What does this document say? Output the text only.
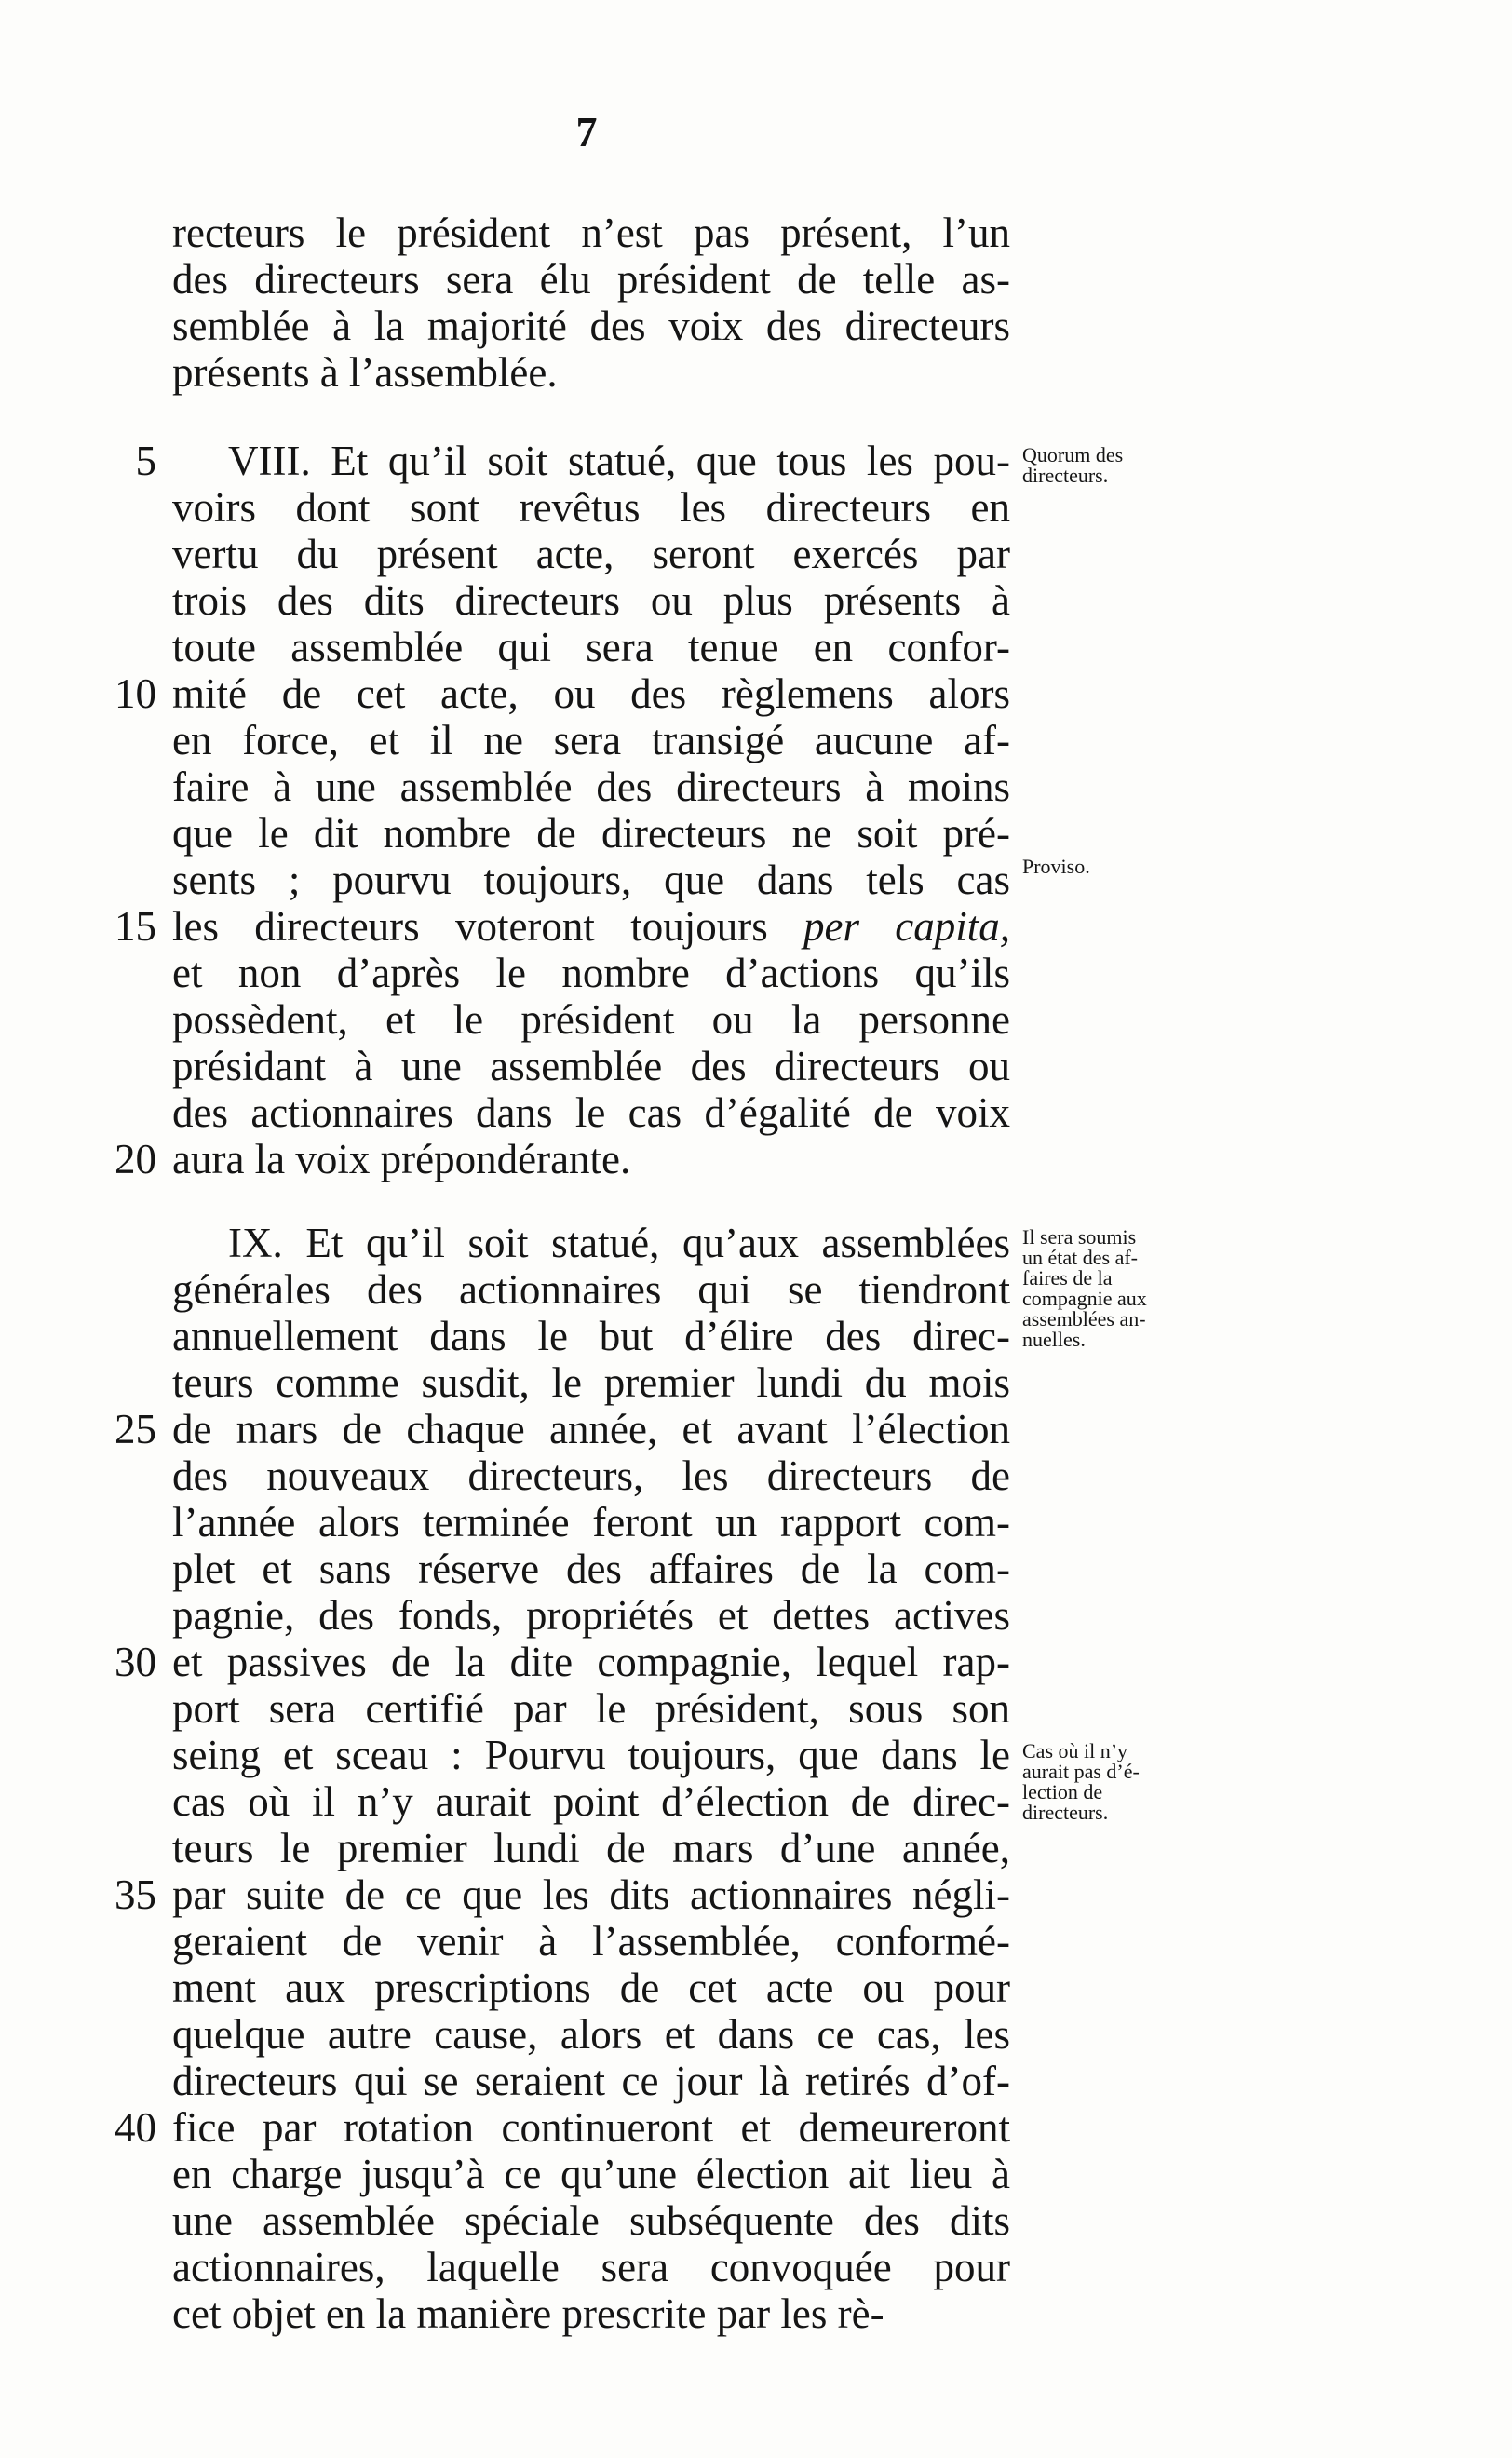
7
recteurs le président n’est pas présent, l’un
des directeurs sera élu président de telle as-
semblée à la majorité des voix des directeurs
présents à l’assemblée.
VIII. Et qu’il soit statué, que tous les pou-
5
voirs dont sont revêtus les directeurs en
vertu du présent acte, seront exercés par
trois des dits directeurs ou plus présents à
toute assemblée qui sera tenue en confor-
mité de cet acte, ou des règlemens alors
10
en force, et il ne sera transigé aucune af-
faire à une assemblée des directeurs à moins
que le dit nombre de directeurs ne soit pré-
sents ; pourvu toujours, que dans tels cas
les directeurs voteront toujours per capita,
15
et non d’après le nombre d’actions qu’ils
possèdent, et le président ou la personne
présidant à une assemblée des directeurs ou
des actionnaires dans le cas d’égalité de voix
aura la voix prépondérante.
20
IX. Et qu’il soit statué, qu’aux assemblées
générales des actionnaires qui se tiendront
annuellement dans le but d’élire des direc-
teurs comme susdit, le premier lundi du mois
de mars de chaque année, et avant l’élection
25
des nouveaux directeurs, les directeurs de
l’année alors terminée feront un rapport com-
plet et sans réserve des affaires de la com-
pagnie, des fonds, propriétés et dettes actives
et passives de la dite compagnie, lequel rap-
30
port sera certifié par le président, sous son
seing et sceau : Pourvu toujours, que dans le
cas où il n’y aurait point d’élection de direc-
teurs le premier lundi de mars d’une année,
par suite de ce que les dits actionnaires négli-
35
geraient de venir à l’assemblée, conformé-
ment aux prescriptions de cet acte ou pour
quelque autre cause, alors et dans ce cas, les
directeurs qui se seraient ce jour là retirés d’of-
fice par rotation continueront et demeureront
40
en charge jusqu’à ce qu’une élection ait lieu à
une assemblée spéciale subséquente des dits
actionnaires, laquelle sera convoquée pour
cet objet en la manière prescrite par les rè-
Quorum des
directeurs.
Proviso.
Il sera soumis
un état des af-
faires de la
compagnie aux
assemblées an-
nuelles.
Cas où il n’y
aurait pas d’é-
lection de
directeurs.
